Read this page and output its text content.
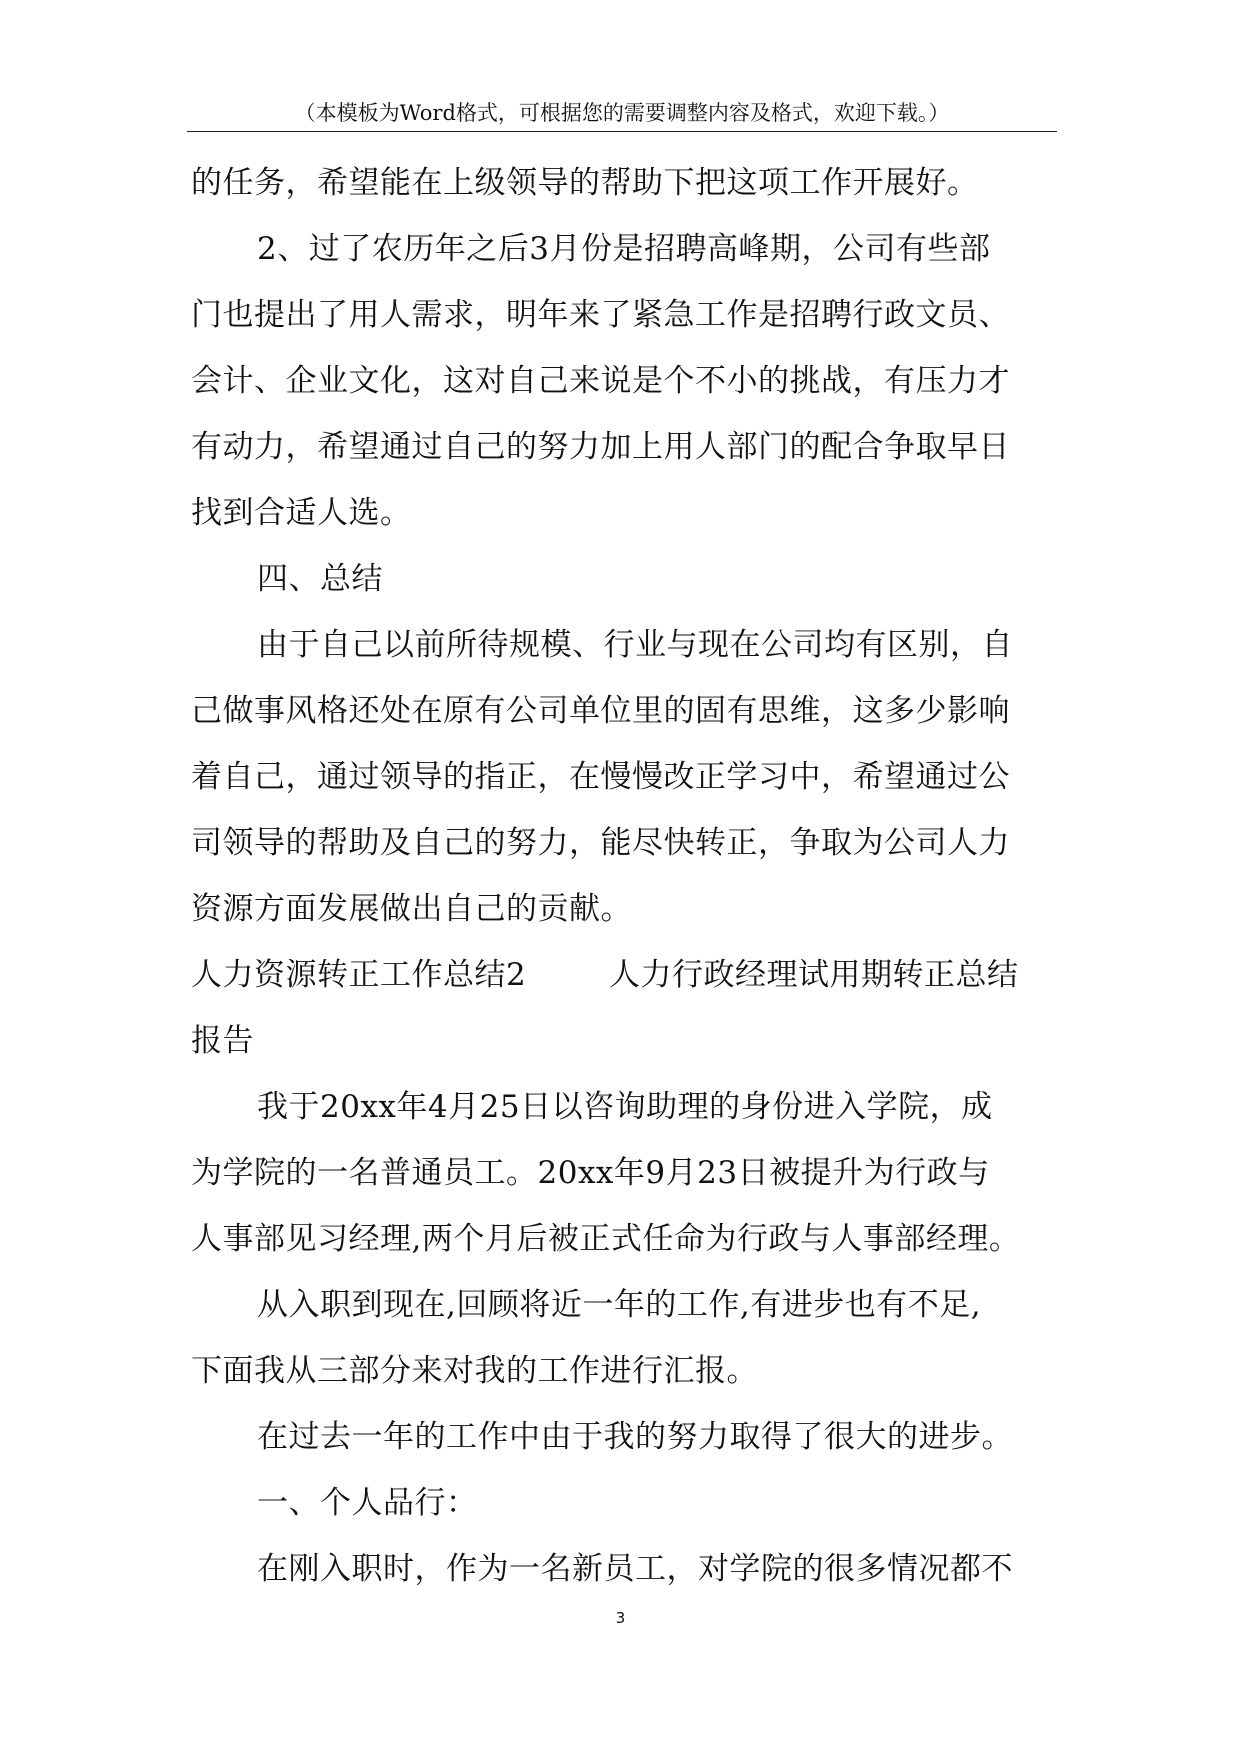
（本模板为Word格式，可根据您的需要调整内容及格式，欢迎下载。）
的任务，希望能在上级领导的帮助下把这项工作开展好。
2、过了农历年之后3月份是招聘高峰期，公司有些部
门也提出了用人需求，明年来了紧急工作是招聘行政文员、
会计、企业文化，这对自己来说是个不小的挑战，有压力才
有动力，希望通过自己的努力加上用人部门的配合争取早日
找到合适人选。
四、总结
由于自己以前所待规模、行业与现在公司均有区别，自
己做事风格还处在原有公司单位里的固有思维，这多少影响
着自己，通过领导的指正，在慢慢改正学习中，希望通过公
司领导的帮助及自己的努力，能尽快转正，争取为公司人力
资源方面发展做出自己的贡献。
人力资源转正工作总结2        人力行政经理试用期转正总结
报告
我于20xx年4月25日以咨询助理的身份进入学院，成
为学院的一名普通员工。20xx年9月23日被提升为行政与
人事部见习经理,两个月后被正式任命为行政与人事部经理。
从入职到现在,回顾将近一年的工作,有进步也有不足,
下面我从三部分来对我的工作进行汇报。
在过去一年的工作中由于我的努力取得了很大的进步。
一、个人品行：
在刚入职时，作为一名新员工，对学院的很多情况都不
3
